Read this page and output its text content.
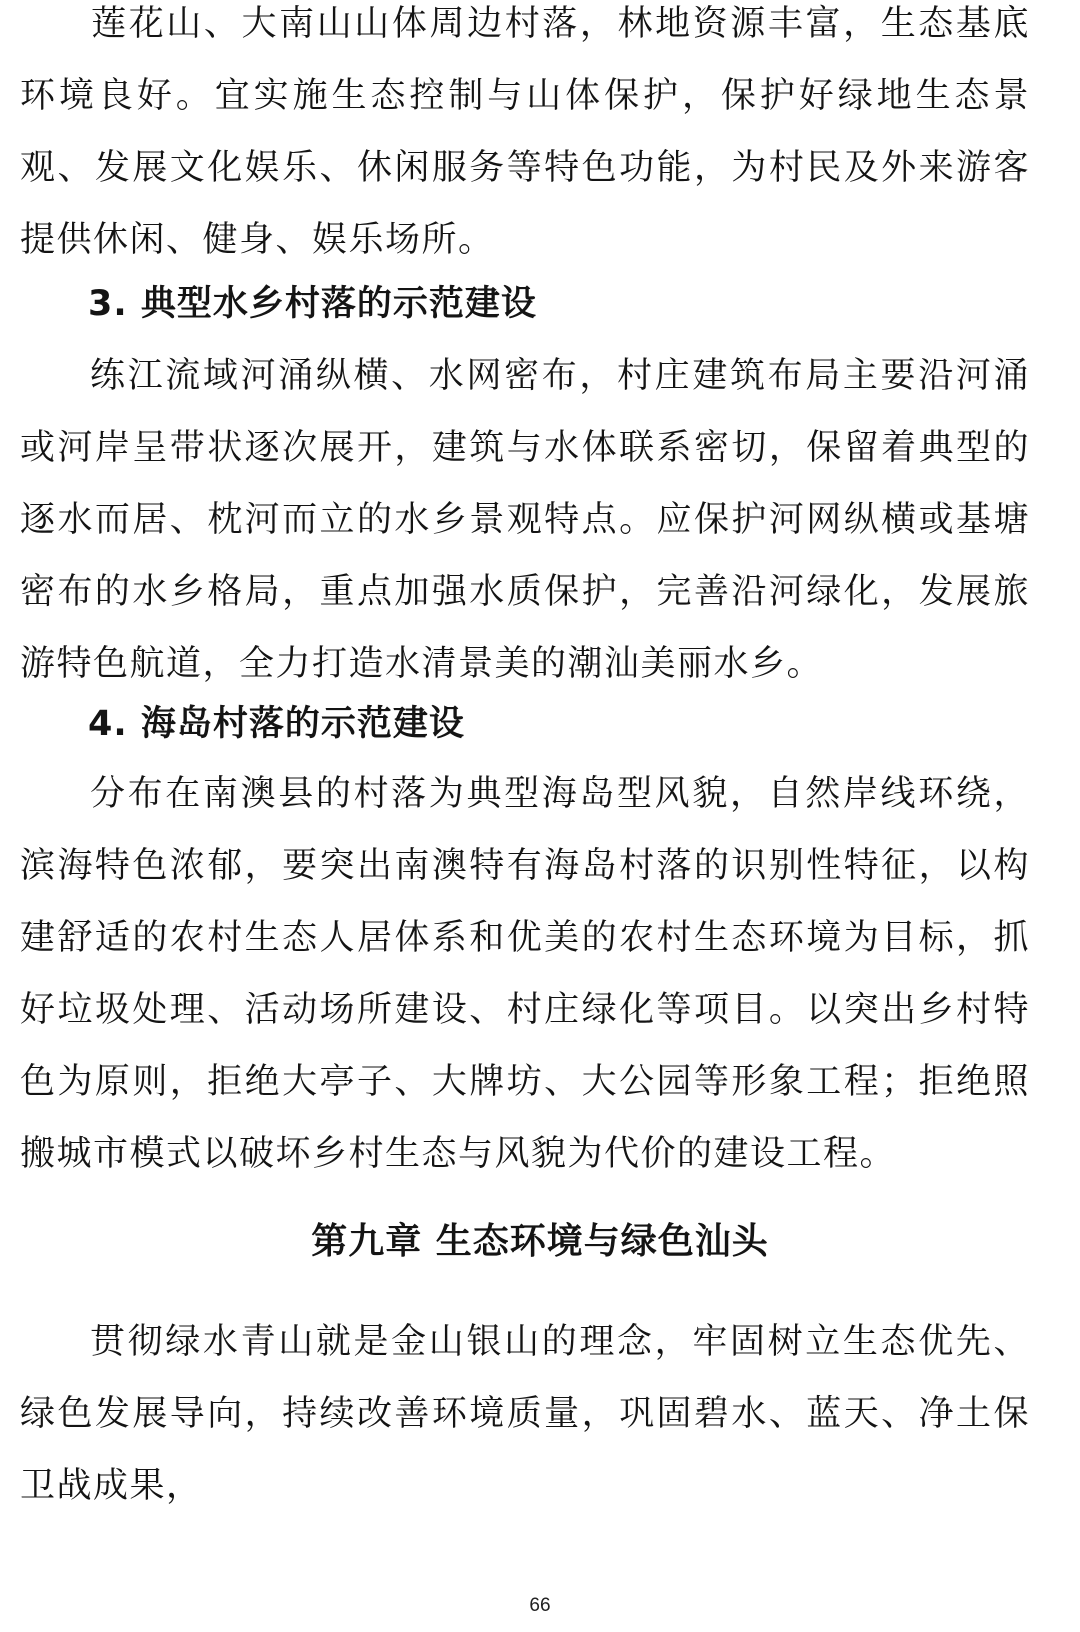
莲花山、大南山山体周边村落，林地资源丰富，生态基底环境良好。宜实施生态控制与山体保护，保护好绿地生态景观、发展文化娱乐、休闲服务等特色功能，为村民及外来游客提供休闲、健身、娱乐场所。

3. 典型水乡村落的示范建设

练江流域河涌纵横、水网密布，村庄建筑布局主要沿河涌或河岸呈带状逐次展开，建筑与水体联系密切，保留着典型的逐水而居、枕河而立的水乡景观特点。应保护河网纵横或基塘密布的水乡格局，重点加强水质保护，完善沿河绿化，发展旅游特色航道，全力打造水清景美的潮汕美丽水乡。

4. 海岛村落的示范建设

分布在南澳县的村落为典型海岛型风貌，自然岸线环绕，滨海特色浓郁，要突出南澳特有海岛村落的识别性特征，以构建舒适的农村生态人居体系和优美的农村生态环境为目标，抓好垃圾处理、活动场所建设、村庄绿化等项目。以突出乡村特色为原则，拒绝大亭子、大牌坊、大公园等形象工程；拒绝照搬城市模式以破坏乡村生态与风貌为代价的建设工程。

第九章 生态环境与绿色汕头

贯彻绿水青山就是金山银山的理念，牢固树立生态优先、绿色发展导向，持续改善环境质量，巩固碧水、蓝天、净土保卫战成果，

66
